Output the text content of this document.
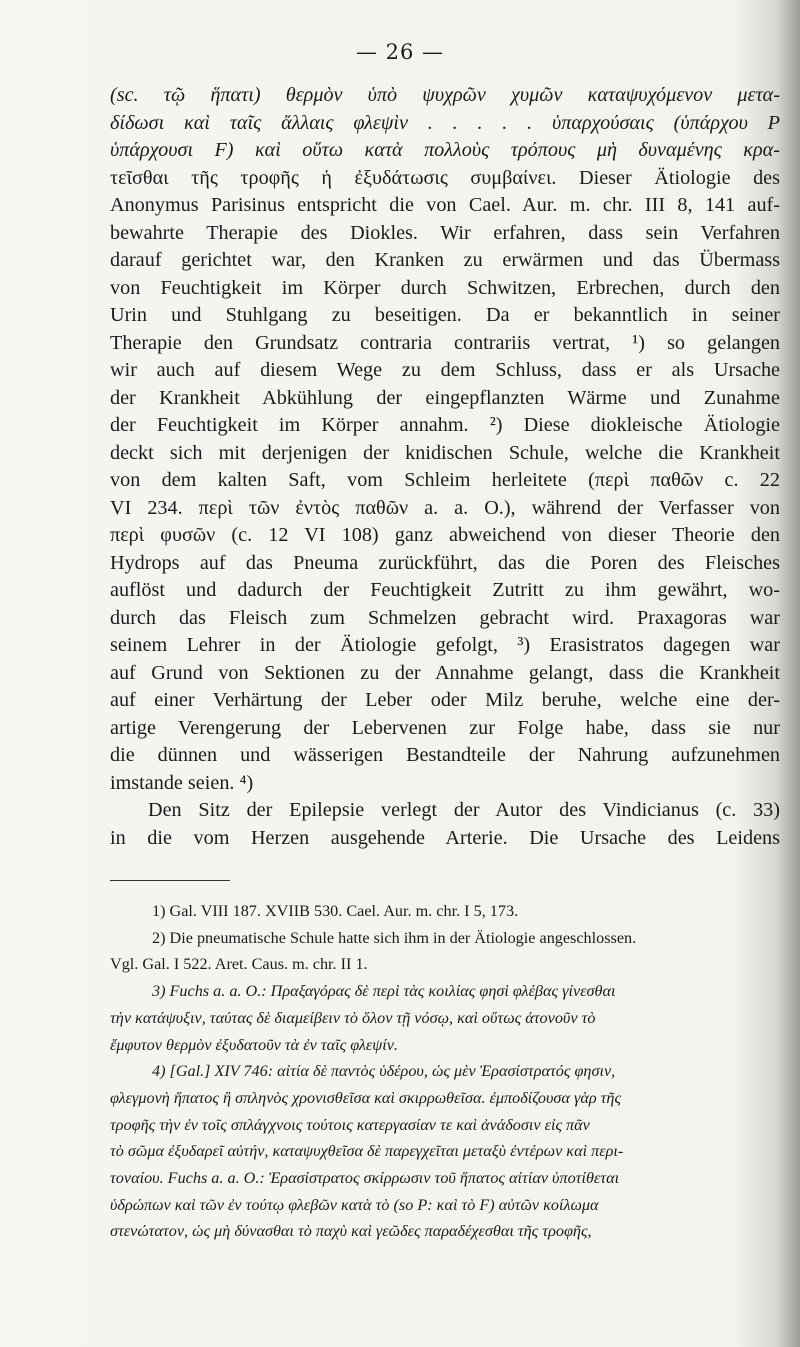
— 26 —
(sc. τῷ ἥπατι) θερμὸν ὑπὸ ψυχρῶν χυμῶν καταψυχόμενον μετα-
δίδωσι καὶ ταῖς ἄλλαις φλεψὶν . . . . . ὑπαρχούσαις (ὑπάρχου P
ὑπάρχουσι F) καὶ οὕτω κατὰ πολλοὺς τρόπους μὴ δυναμένης κρα-
τεῖσθαι τῆς τροφῆς ἡ ἐξυδάτωσις συμβαίνει. Dieser Ätiologie des
Anonymus Parisinus entspricht die von Cael. Aur. m. chr. III 8, 141 auf-
bewahrte Therapie des Diokles. Wir erfahren, dass sein Verfahren
darauf gerichtet war, den Kranken zu erwärmen und das Übermass
von Feuchtigkeit im Körper durch Schwitzen, Erbrechen, durch den
Urin und Stuhlgang zu beseitigen. Da er bekanntlich in seiner
Therapie den Grundsatz contraria contrariis vertrat, ¹) so gelangen
wir auch auf diesem Wege zu dem Schluss, dass er als Ursache
der Krankheit Abkühlung der eingepflanzten Wärme und Zunahme
der Feuchtigkeit im Körper annahm. ²) Diese diokleische Ätiologie
deckt sich mit derjenigen der knidischen Schule, welche die Krankheit
von dem kalten Saft, vom Schleim herleitete (περὶ παθῶν c. 22
VI 234. περὶ τῶν ἐντὸς παθῶν a. a. O.), während der Verfasser von
περὶ φυσῶν (c. 12 VI 108) ganz abweichend von dieser Theorie den
Hydrops auf das Pneuma zurückführt, das die Poren des Fleisches
auflöst und dadurch der Feuchtigkeit Zutritt zu ihm gewährt, wo-
durch das Fleisch zum Schmelzen gebracht wird. Praxagoras war
seinem Lehrer in der Ätiologie gefolgt, ³) Erasistratos dagegen war
auf Grund von Sektionen zu der Annahme gelangt, dass die Krankheit
auf einer Verhärtung der Leber oder Milz beruhe, welche eine der-
artige Verengerung der Lebervenen zur Folge habe, dass sie nur
die dünnen und wässerigen Bestandteile der Nahrung aufzunehmen
imstande seien. ⁴)
Den Sitz der Epilepsie verlegt der Autor des Vindicianus (c. 33)
in die vom Herzen ausgehende Arterie. Die Ursache des Leidens
1) Gal. VIII 187. XVIIB 530. Cael. Aur. m. chr. I 5, 173.
2) Die pneumatische Schule hatte sich ihm in der Ätiologie angeschlossen.
Vgl. Gal. I 522. Aret. Caus. m. chr. II 1.
3) Fuchs a. a. O.: Πραξαγόρας δὲ περὶ τὰς κοιλίας φησὶ φλέβας γίνεσθαι
τὴν κατάψυξιν, ταύτας δὲ διαμείβειν τὸ ὅλον τῇ νόσῳ, καὶ οὕτως ἀτονοῦν τὸ
ἔμφυτον θερμὸν ἐξυδατοῦν τὰ ἐν ταῖς φλεψίν.
4) [Gal.] XIV 746: αἰτία δὲ παντὸς ὑδέρου, ὡς μὲν Ἐρασίστρατός φησιν,
φλεγμονὴ ἥπατος ἢ σπληνὸς χρονισθεῖσα καὶ σκιρρωθεῖσα. ἐμποδίζουσα γὰρ τῆς
τροφῆς τὴν ἐν τοῖς σπλάγχνοις τούτοις κατεργασίαν τε καὶ ἀνάδοσιν εἰς πᾶν
τὸ σῶμα ἐξυδαρεῖ αὐτήν, καταψυχθεῖσα δὲ παρεγχεῖται μεταξὺ ἐντέρων καὶ περι-
τοναίου. Fuchs a. a. O.: Ἐρασίστρατος σκίρρωσιν τοῦ ἥπατος αἰτίαν ὑποτίθεται
ὑδρώπων καὶ τῶν ἐν τούτῳ φλεβῶν κατὰ τὸ (so P: καὶ τὸ F) αὐτῶν κοίλωμα
στενώτατον, ὡς μὴ δύνασθαι τὸ παχὺ καὶ γεῶδες παραδέχεσθαι τῆς τροφῆς,
